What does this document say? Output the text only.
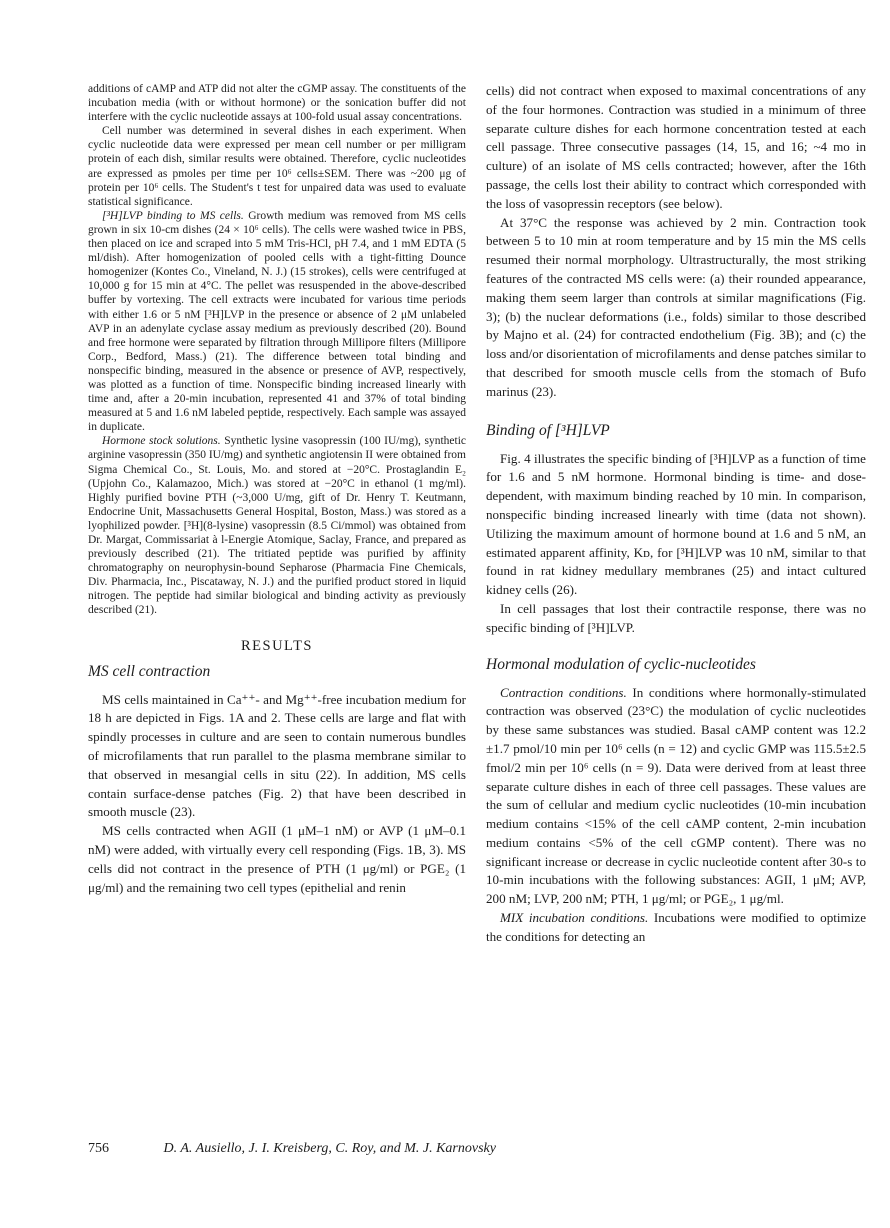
additions of cAMP and ATP did not alter the cGMP assay. The constituents of the incubation media (with or without hormone) or the sonication buffer did not interfere with the cyclic nucleotide assays at 100-fold usual assay concentrations.

Cell number was determined in several dishes in each experiment. When cyclic nucleotide data were expressed per mean cell number or per milligram protein of each dish, similar results were obtained. Therefore, cyclic nucleotides are expressed as pmoles per time per 10⁶ cells±SEM. There was ~200 μg of protein per 10⁶ cells. The Student's t test for unpaired data was used to evaluate statistical significance.

[³H]LVP binding to MS cells. Growth medium was removed from MS cells grown in six 10-cm dishes (24 × 10⁶ cells). The cells were washed twice in PBS, then placed on ice and scraped into 5 mM Tris-HCl, pH 7.4, and 1 mM EDTA (5 ml/dish). After homogenization of pooled cells with a tight-fitting Dounce homogenizer (Kontes Co., Vineland, N. J.) (15 strokes), cells were centrifuged at 10,000 g for 15 min at 4°C. The pellet was resuspended in the above-described buffer by vortexing. The cell extracts were incubated for various time periods with either 1.6 or 5 nM [³H]LVP in the presence or absence of 2 μM unlabeled AVP in an adenylate cyclase assay medium as previously described (20). Bound and free hormone were separated by filtration through Millipore filters (Millipore Corp., Bedford, Mass.) (21). The difference between total binding and nonspecific binding, measured in the absence or presence of AVP, respectively, was plotted as a function of time. Nonspecific binding increased linearly with time and, after a 20-min incubation, represented 41 and 37% of total binding measured at 5 and 1.6 nM labeled peptide, respectively. Each sample was assayed in duplicate.

Hormone stock solutions. Synthetic lysine vasopressin (100 IU/mg), synthetic arginine vasopressin (350 IU/mg) and synthetic angiotensin II were obtained from Sigma Chemical Co., St. Louis, Mo. and stored at −20°C. Prostaglandin E₂ (Upjohn Co., Kalamazoo, Mich.) was stored at −20°C in ethanol (1 mg/ml). Highly purified bovine PTH (~3,000 U/mg, gift of Dr. Henry T. Keutmann, Endocrine Unit, Massachusetts General Hospital, Boston, Mass.) was stored as a lyophilized powder. [³H](8-lysine) vasopressin (8.5 Ci/mmol) was obtained from Dr. Margat, Commissariat à l-Energie Atomique, Saclay, France, and prepared as previously described (21). The tritiated peptide was purified by affinity chromatography on neurophysin-bound Sepharose (Pharmacia Fine Chemicals, Div. Pharmacia, Inc., Piscataway, N. J.) and the purified product stored in liquid nitrogen. The peptide had similar biological and binding activity as previously described (21).

RESULTS
MS cell contraction

MS cells maintained in Ca⁺⁺- and Mg⁺⁺-free incubation medium for 18 h are depicted in Figs. 1A and 2. These cells are large and flat with spindly processes in culture and are seen to contain numerous bundles of microfilaments that run parallel to the plasma membrane similar to that observed in mesangial cells in situ (22). In addition, MS cells contain surface-dense patches (Fig. 2) that have been described in smooth muscle (23).

MS cells contracted when AGII (1 μM–1 nM) or AVP (1 μM–0.1 nM) were added, with virtually every cell responding (Figs. 1B, 3). MS cells did not contract in the presence of PTH (1 μg/ml) or PGE₂ (1 μg/ml) and the remaining two cell types (epithelial and renin

cells) did not contract when exposed to maximal concentrations of any of the four hormones. Contraction was studied in a minimum of three separate culture dishes for each hormone concentration tested at each cell passage. Three consecutive passages (14, 15, and 16; ~4 mo in culture) of an isolate of MS cells contracted; however, after the 16th passage, the cells lost their ability to contract which corresponded with the loss of vasopressin receptors (see below).

At 37°C the response was achieved by 2 min. Contraction took between 5 to 10 min at room temperature and by 15 min the MS cells resumed their normal morphology. Ultrastructurally, the most striking features of the contracted MS cells were: (a) their rounded appearance, making them seem larger than controls at similar magnifications (Fig. 3); (b) the nuclear deformations (i.e., folds) similar to those described by Majno et al. (24) for contracted endothelium (Fig. 3B); and (c) the loss and/or disorientation of microfilaments and dense patches similar to that described for smooth muscle cells from the stomach of Bufo marinus (23).

Binding of [³H]LVP

Fig. 4 illustrates the specific binding of [³H]LVP as a function of time for 1.6 and 5 nM hormone. Hormonal binding is time- and dose-dependent, with maximum binding reached by 10 min. In comparison, nonspecific binding increased linearly with time (data not shown). Utilizing the maximum amount of hormone bound at 1.6 and 5 nM, an estimated apparent affinity, Kᴅ, for [³H]LVP was 10 nM, similar to that found in rat kidney medullary membranes (25) and intact cultured kidney cells (26).

In cell passages that lost their contractile response, there was no specific binding of [³H]LVP.

Hormonal modulation of cyclic-nucleotides

Contraction conditions. In conditions where hormonally-stimulated contraction was observed (23°C) the modulation of cyclic nucleotides by these same substances was studied. Basal cAMP content was 12.2 ±1.7 pmol/10 min per 10⁶ cells (n = 12) and cyclic GMP was 115.5±2.5 fmol/2 min per 10⁶ cells (n = 9). Data were derived from at least three separate culture dishes in each of three cell passages. These values are the sum of cellular and medium cyclic nucleotides (10-min incubation medium contains <15% of the cell cAMP content, 2-min incubation medium contains <5% of the cell cGMP content). There was no significant increase or decrease in cyclic nucleotide content after 30-s to 10-min incubations with the following substances: AGII, 1 μM; AVP, 200 nM; LVP, 200 nM; PTH, 1 μg/ml; or PGE₂, 1 μg/ml.

MIX incubation conditions. Incubations were modified to optimize the conditions for detecting an

756	D. A. Ausiello, J. I. Kreisberg, C. Roy, and M. J. Karnovsky
